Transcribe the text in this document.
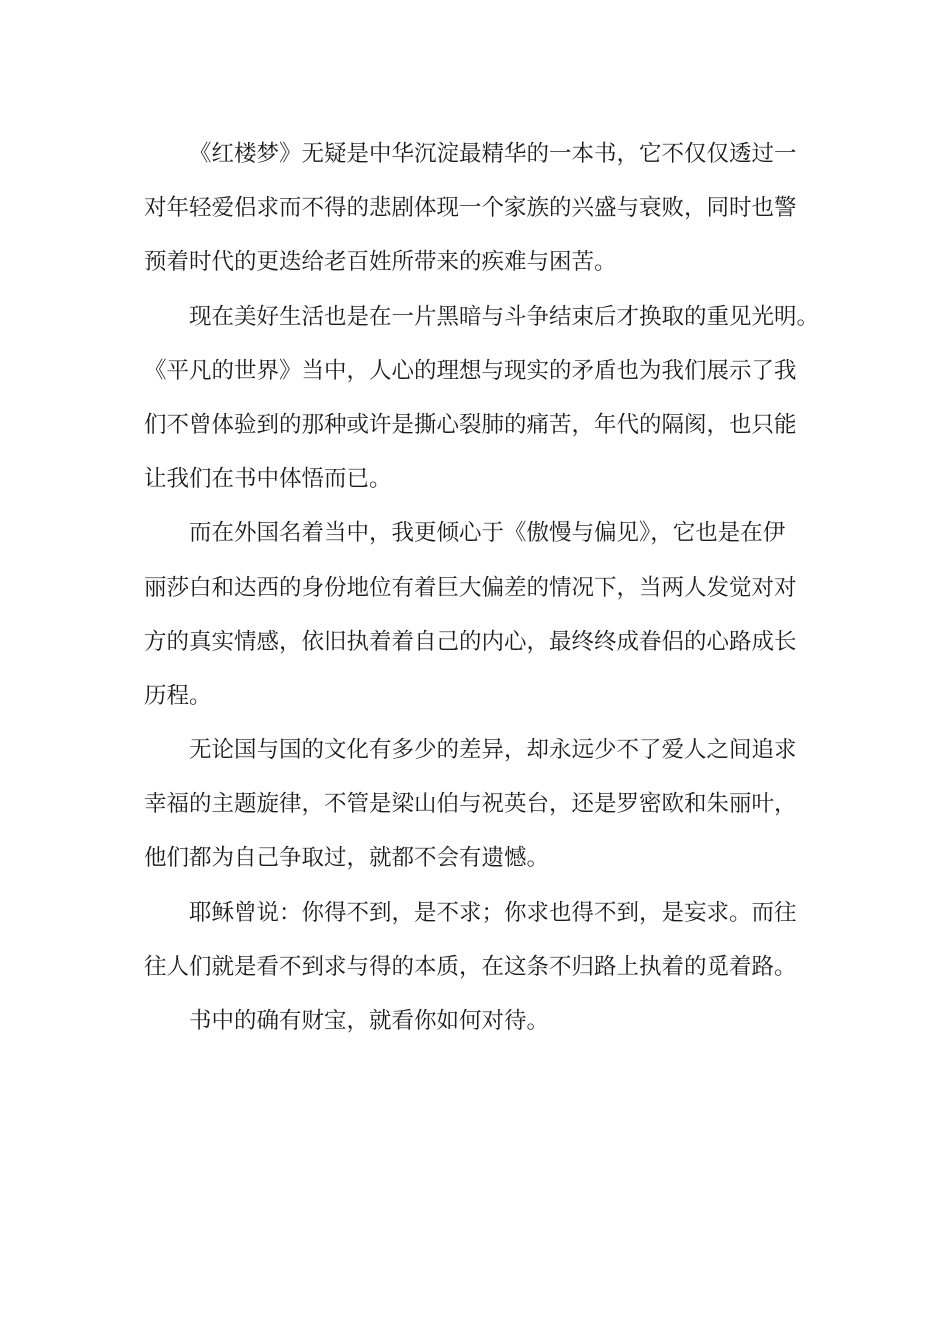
《红楼梦》无疑是中华沉淀最精华的一本书，它不仅仅透过一
对年轻爱侣求而不得的悲剧体现一个家族的兴盛与衰败，同时也警
预着时代的更迭给老百姓所带来的疾难与困苦。
现在美好生活也是在一片黑暗与斗争结束后才换取的重见光明。
《平凡的世界》当中，人心的理想与现实的矛盾也为我们展示了我
们不曾体验到的那种或许是撕心裂肺的痛苦，年代的隔阂，也只能
让我们在书中体悟而已。
而在外国名着当中，我更倾心于《傲慢与偏见》，它也是在伊
丽莎白和达西的身份地位有着巨大偏差的情况下，当两人发觉对对
方的真实情感，依旧执着着自己的内心，最终终成眷侣的心路成长
历程。
无论国与国的文化有多少的差异，却永远少不了爱人之间追求
幸福的主题旋律，不管是梁山伯与祝英台，还是罗密欧和朱丽叶，
他们都为自己争取过，就都不会有遗憾。
耶稣曾说：你得不到，是不求；你求也得不到，是妄求。而往
往人们就是看不到求与得的本质，在这条不归路上执着的觅着路。
书中的确有财宝，就看你如何对待。
